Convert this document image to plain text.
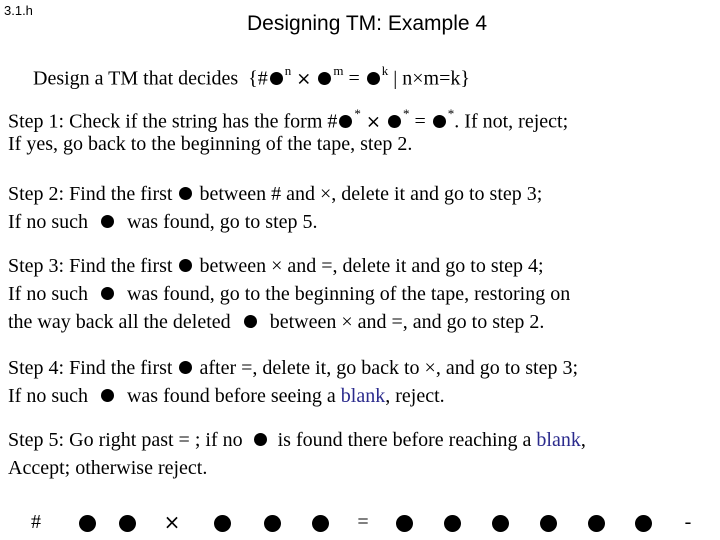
3.1.h
Designing TM: Example 4
Design a TM that decides {# $^n$ × $^m$ = $^k$ | n×m=k}
Step 1: Check if the string has the form # * × * = *. If not, reject;
If yes, go back to the beginning of the tape, step 2.
Step 2: Find the first between # and ×, delete it and go to step 3;
If no such was found, go to step 5.
Step 3: Find the first between × and =, delete it and go to step 4;
If no such was found, go to the beginning of the tape, restoring on
the way back all the deleted between × and =, and go to step 2.
Step 4: Find the first after =, delete it, go back to ×, and go to step 3;
If no such was found before seeing a blank, reject.
Step 5: Go right past = ; if no is found there before reaching a blank,
Accept; otherwise reject.
#	×	=	-
